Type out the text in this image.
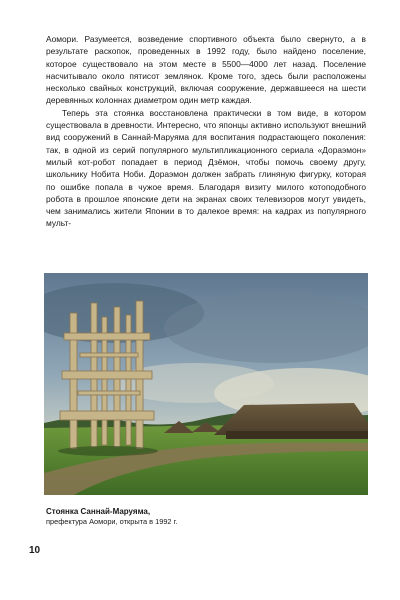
Аомори. Разумеется, возведение спортивного объекта было свернуто, а в результате раскопок, проведенных в 1992 году, было найдено поселение, которое существовало на этом месте в 5500—4000 лет назад. Поселение насчитывало около пятисот землянок. Кроме того, здесь были расположены несколько свайных конструкций, включая сооружение, державшееся на шести деревянных колоннах диаметром один метр каждая.

Теперь эта стоянка восстановлена практически в том виде, в котором существовала в древности. Интересно, что японцы активно используют внешний вид сооружений в Саннай-Маруяма для воспитания подрастающего поколения: так, в одной из серий популярного мультипликационного сериала «Дораэмон» милый кот-робот попадает в период Дзёмон, чтобы помочь своему другу, школьнику Нобита Ноби. Дораэмон должен забрать глиняную фигурку, которая по ошибке попала в чужое время. Благодаря визиту милого котоподобного робота в прошлое японские дети на экранах своих телевизоров могут увидеть, чем занимались жители Японии в то далекое время: на кадрах из популярного мульт-

Стоянка Саннай-Маруяма,
префектура Аомори, открыта в 1992 г.
10
